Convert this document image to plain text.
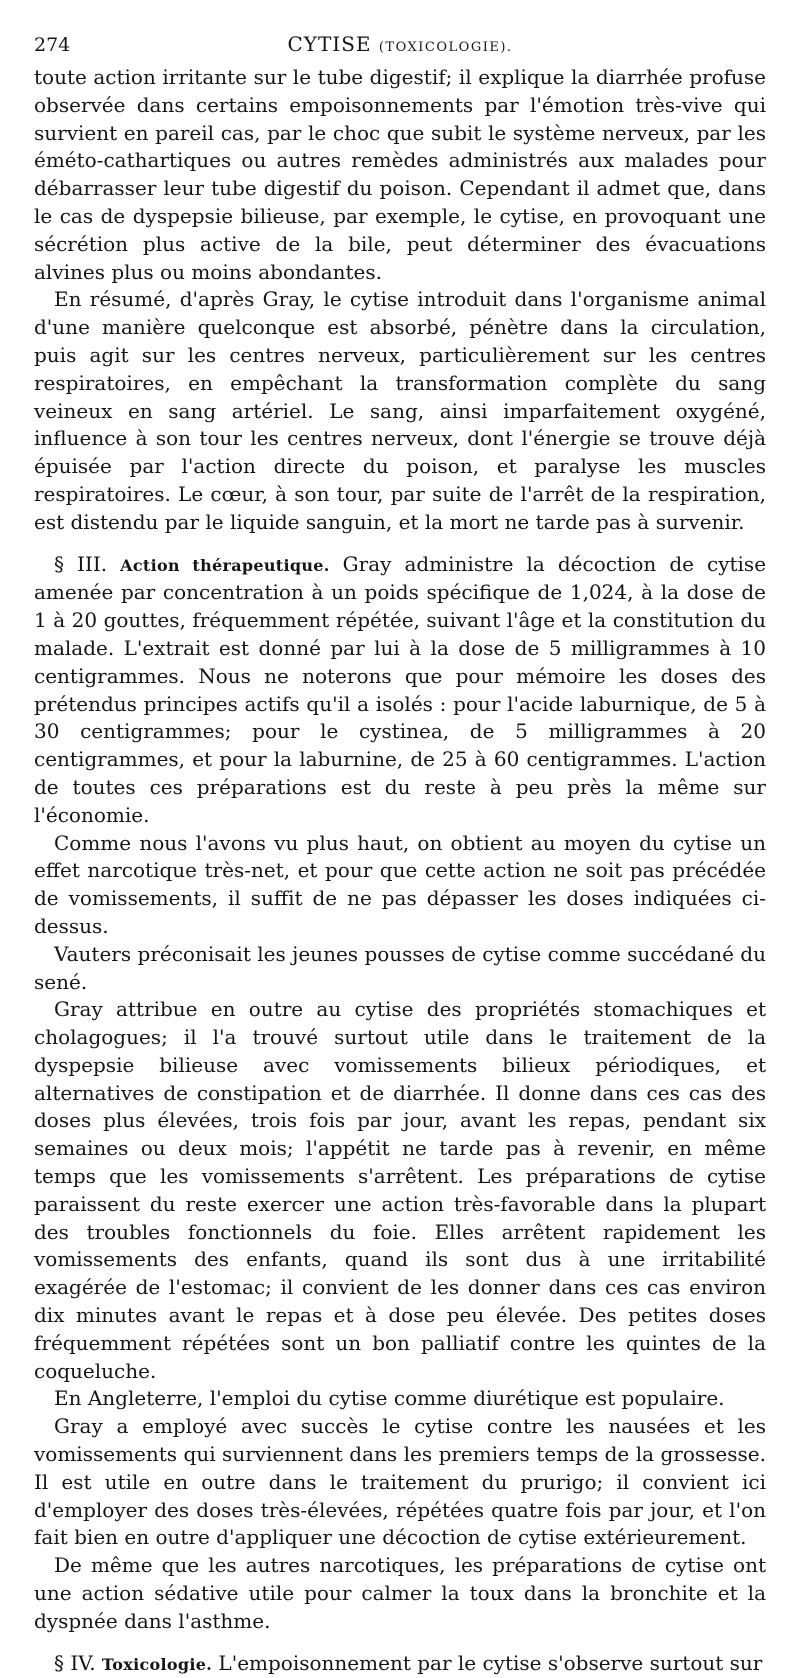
274	CYTISE (TOXICOLOGIE).

toute action irritante sur le tube digestif; il explique la diarrhée profuse observée dans certains empoisonnements par l'émotion très-vive qui survient en pareil cas, par le choc que subit le système nerveux, par les éméto-cathartiques ou autres remèdes administrés aux malades pour débarrasser leur tube digestif du poison. Cependant il admet que, dans le cas de dyspepsie bilieuse, par exemple, le cytise, en provoquant une sécrétion plus active de la bile, peut déterminer des évacuations alvines plus ou moins abondantes.

En résumé, d'après Gray, le cytise introduit dans l'organisme animal d'une manière quelconque est absorbé, pénètre dans la circulation, puis agit sur les centres nerveux, particulièrement sur les centres respiratoires, en empêchant la transformation complète du sang veineux en sang artériel. Le sang, ainsi imparfaitement oxygéné, influence à son tour les centres nerveux, dont l'énergie se trouve déjà épuisée par l'action directe du poison, et paralyse les muscles respiratoires. Le cœur, à son tour, par suite de l'arrêt de la respiration, est distendu par le liquide sanguin, et la mort ne tarde pas à survenir.

§ III. Action thérapeutique. Gray administre la décoction de cytise amenée par concentration à un poids spécifique de 1,024, à la dose de 1 à 20 gouttes, fréquemment répétée, suivant l'âge et la constitution du malade. L'extrait est donné par lui à la dose de 5 milligrammes à 10 centigrammes. Nous ne noterons que pour mémoire les doses des prétendus principes actifs qu'il a isolés : pour l'acide laburnique, de 5 à 30 centigrammes; pour le cystinea, de 5 milligrammes à 20 centigrammes, et pour la laburnine, de 25 à 60 centigrammes. L'action de toutes ces préparations est du reste à peu près la même sur l'économie.

Comme nous l'avons vu plus haut, on obtient au moyen du cytise un effet narcotique très-net, et pour que cette action ne soit pas précédée de vomissements, il suffit de ne pas dépasser les doses indiquées ci-dessus.

Vauters préconisait les jeunes pousses de cytise comme succédané du sené.

Gray attribue en outre au cytise des propriétés stomachiques et cholagogues; il l'a trouvé surtout utile dans le traitement de la dyspepsie bilieuse avec vomissements bilieux périodiques, et alternatives de constipation et de diarrhée. Il donne dans ces cas des doses plus élevées, trois fois par jour, avant les repas, pendant six semaines ou deux mois; l'appétit ne tarde pas à revenir, en même temps que les vomissements s'arrêtent. Les préparations de cytise paraissent du reste exercer une action très-favorable dans la plupart des troubles fonctionnels du foie. Elles arrêtent rapidement les vomissements des enfants, quand ils sont dus à une irritabilité exagérée de l'estomac; il convient de les donner dans ces cas environ dix minutes avant le repas et à dose peu élevée. Des petites doses fréquemment répétées sont un bon palliatif contre les quintes de la coqueluche.

En Angleterre, l'emploi du cytise comme diurétique est populaire.

Gray a employé avec succès le cytise contre les nausées et les vomissements qui surviennent dans les premiers temps de la grossesse. Il est utile en outre dans le traitement du prurigo; il convient ici d'employer des doses très-élevées, répétées quatre fois par jour, et l'on fait bien en outre d'appliquer une décoction de cytise extérieurement.

De même que les autres narcotiques, les préparations de cytise ont une action sédative utile pour calmer la toux dans la bronchite et la dyspnée dans l'asthme.

§ IV. Toxicologie. L'empoisonnement par le cytise s'observe surtout sur
